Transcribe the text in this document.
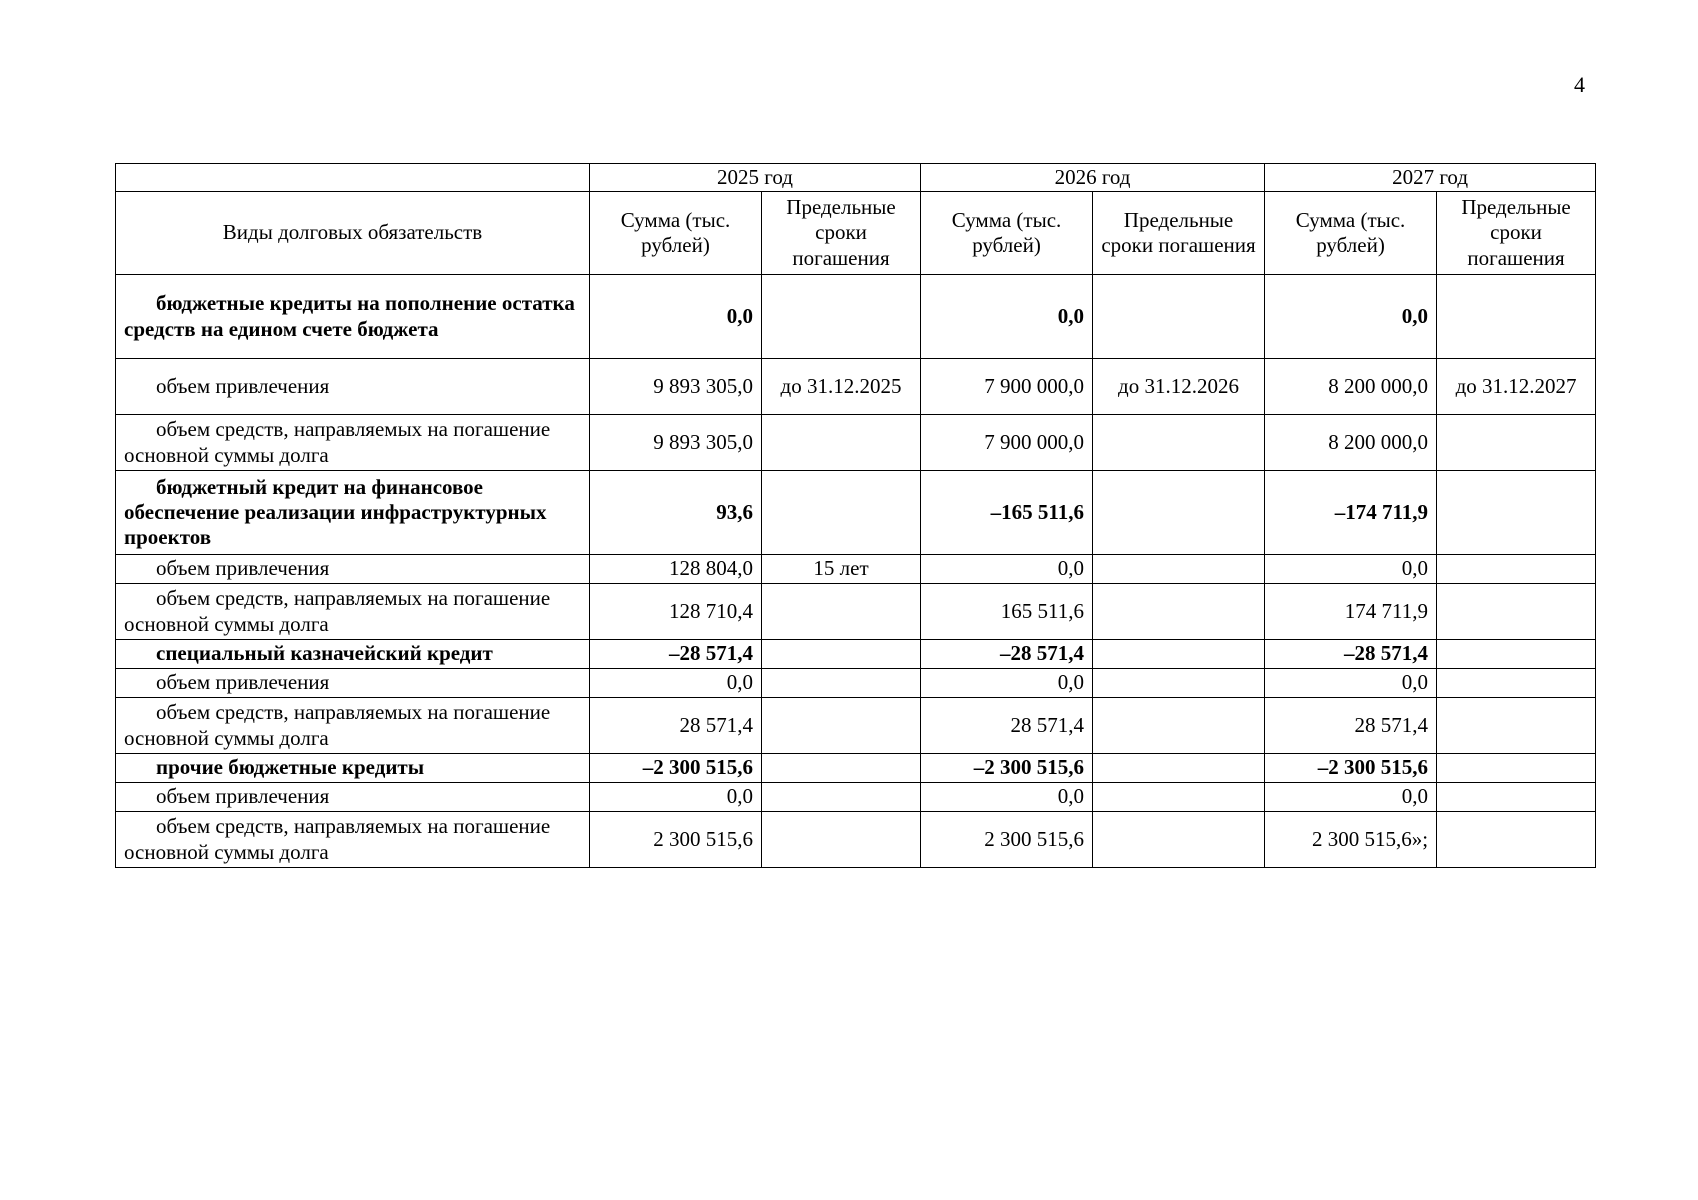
4
	2025 год		2026 год		2027 год	
Виды долговых обязательств	Сумма (тыс. рублей)	Предельные сроки погашения	Сумма (тыс. рублей)	Предельные сроки погашения	Сумма (тыс. рублей)	Предельные сроки погашения
бюджетные кредиты на пополнение остатка средств на едином счете бюджета	0,0		0,0		0,0	
объем привлечения	9 893 305,0	до 31.12.2025	7 900 000,0	до 31.12.2026	8 200 000,0	до 31.12.2027
объем средств, направляемых на погашение основной суммы долга	9 893 305,0		7 900 000,0		8 200 000,0	
бюджетный кредит на финансовое обеспечение реализации инфраструктурных проектов	93,6		–165 511,6		–174 711,9	
объем привлечения	128 804,0	15 лет	0,0		0,0	
объем средств, направляемых на погашение основной суммы долга	128 710,4		165 511,6		174 711,9	
специальный казначейский кредит	–28 571,4		–28 571,4		–28 571,4	
объем привлечения	0,0		0,0		0,0	
объем средств, направляемых на погашение основной суммы долга	28 571,4		28 571,4		28 571,4	
прочие бюджетные кредиты	–2 300 515,6		–2 300 515,6		–2 300 515,6	
объем привлечения	0,0		0,0		0,0	
объем средств, направляемых на погашение основной суммы долга	2 300 515,6		2 300 515,6		2 300 515,6»;	
